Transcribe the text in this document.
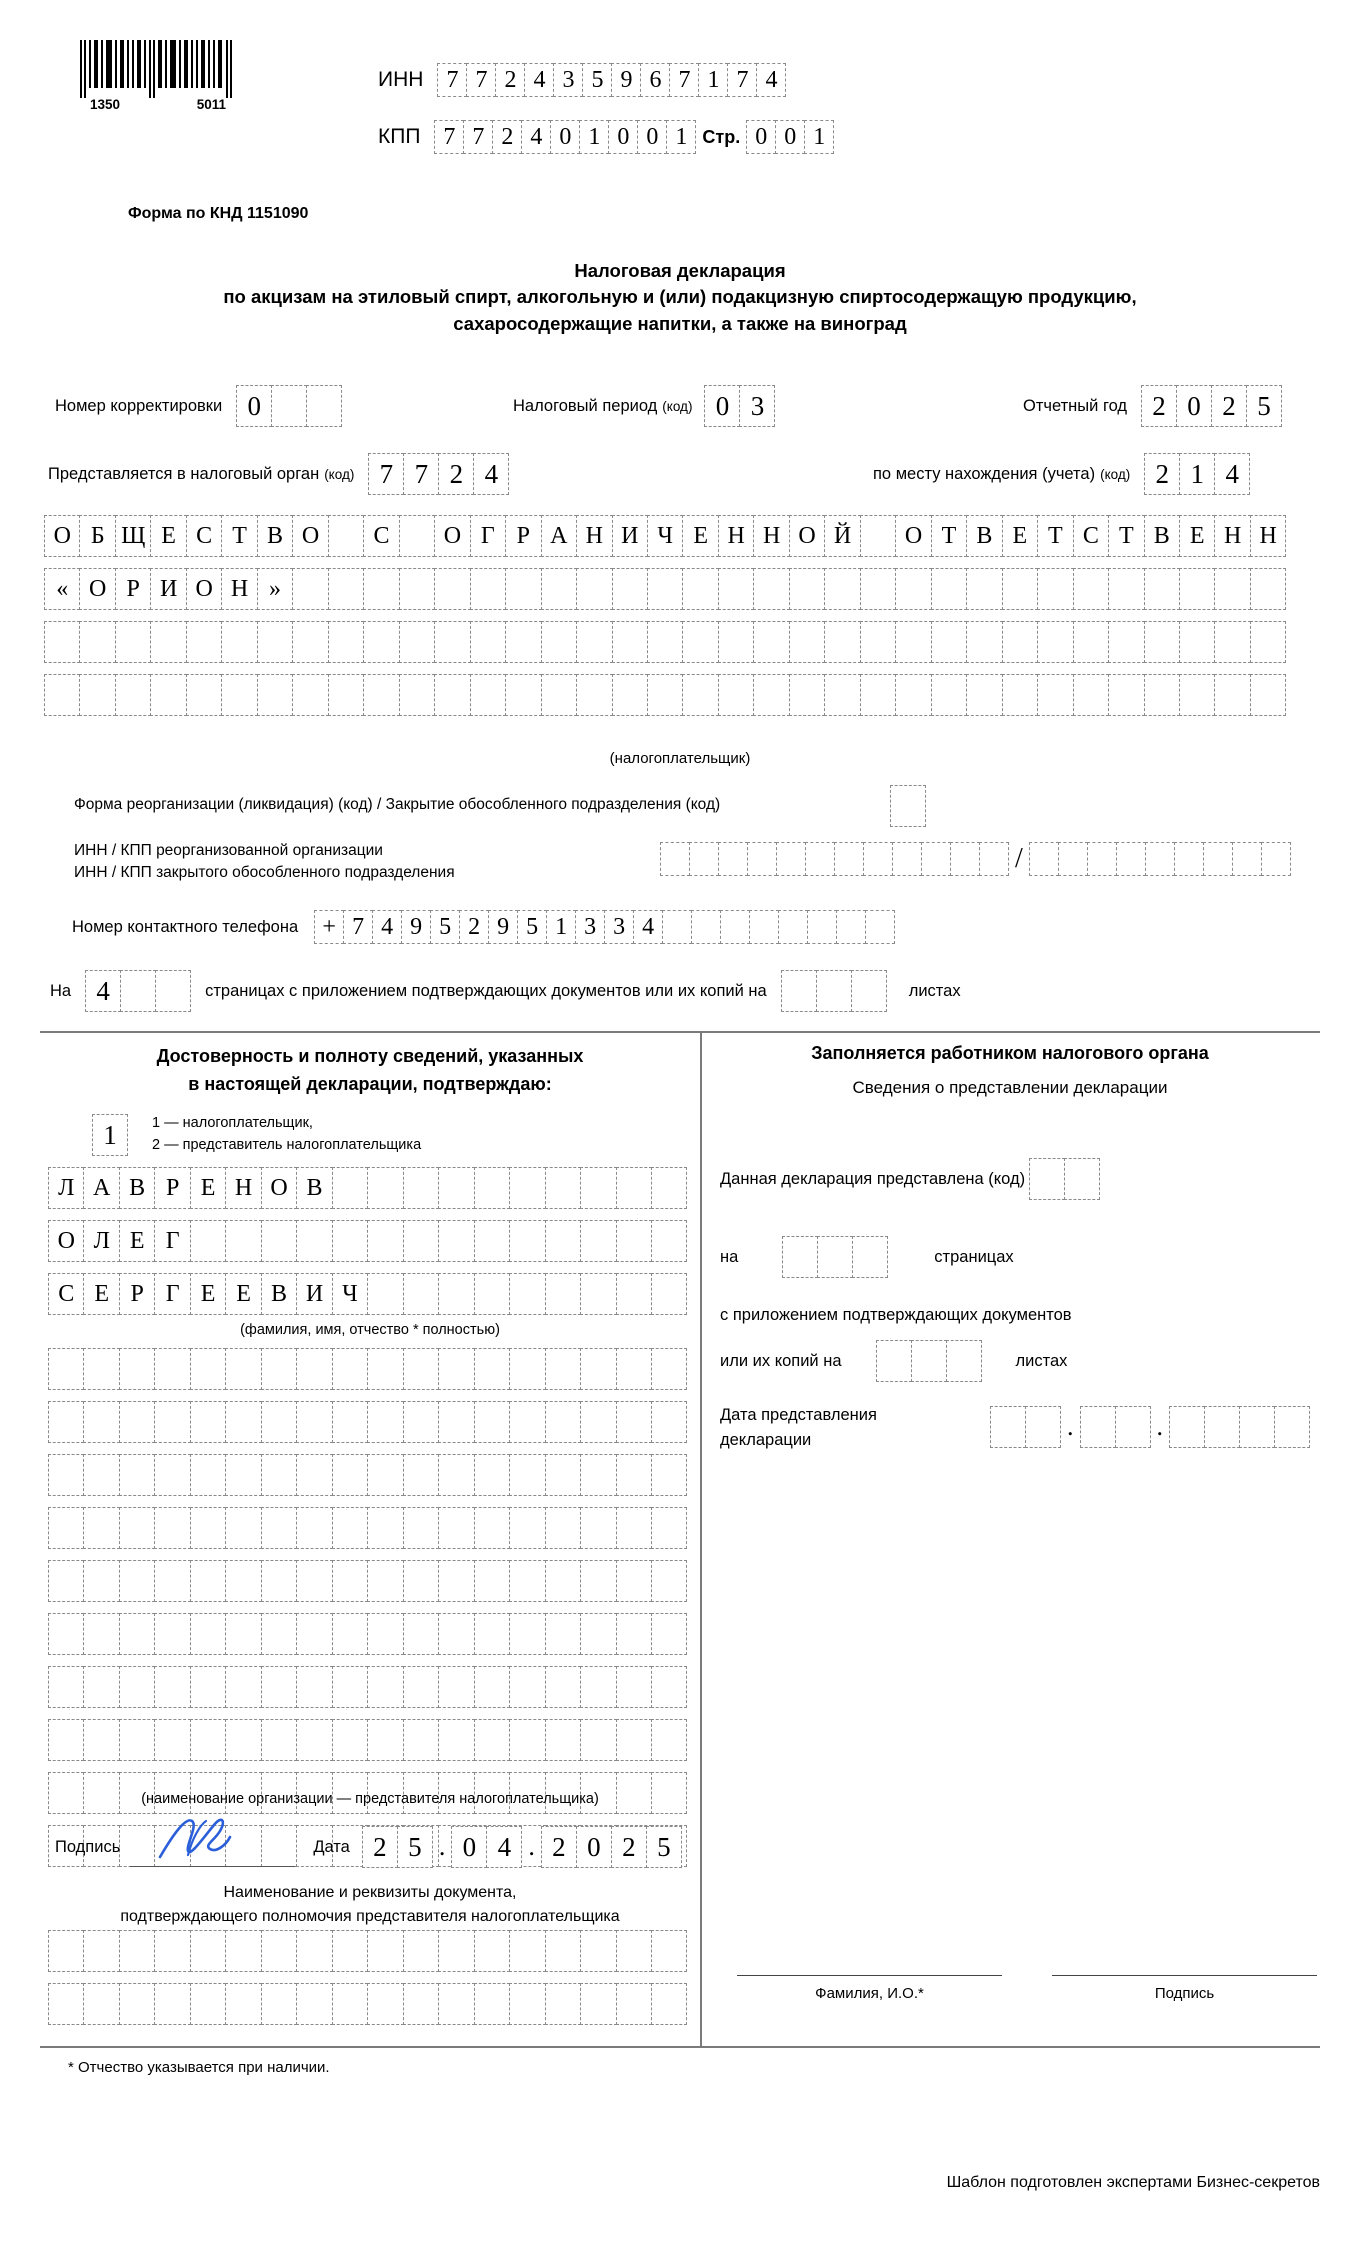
1350	5011
ИНН 7 7 2 4 3 5 9 6 7 1 7 4
КПП 7 7 2 4 0 1 0 0 1 Стр. 0 0 1
Форма по КНД 1151090
Налоговая декларация
по акцизам на этиловый спирт, алкогольную и (или) подакцизную спиртосодержащую продукцию,
сахаросодержащие напитки, а также на виноград
Номер корректировки 0	Налоговый период (код) 0 3	Отчетный год 2 0 2 5
Представляется в налоговый орган (код) 7 7 2 4	по месту нахождения (учета) (код) 2 1 4
О Б Щ Е С Т В О	С	О Г Р А Н И Ч Е Н Н О Й	О Т В Е Т С Т В Е Н Н
« О Р И О Н »
(налогоплательщик)
Форма реорганизации (ликвидация) (код) / Закрытие обособленного подразделения (код)
ИНН / КПП реорганизованной организации
ИНН / КПП закрытого обособленного подразделения	/
Номер контактного телефона	+ 7 4 9 5 2 9 5 1 3 3 4
На 4	страницах с приложением подтверждающих документов или их копий на	листах
Достоверность и полноту сведений, указанных
в настоящей декларации, подтверждаю:
1	1 — налогоплательщик,
2 — представитель налогоплательщика
Л А В Р Е Н О В
О Л Е Г
С Е Р Г Е Е В И Ч
(фамилия, имя, отчество * полностью)
(наименование организации — представителя налогоплательщика)
Подпись	Дата 2 5 . 0 4 . 2 0 2 5
Наименование и реквизиты документа,
подтверждающего полномочия представителя налогоплательщика
Заполняется работником налогового органа
Сведения о представлении декларации
Данная декларация представлена (код)
на	страницах
с приложением подтверждающих документов
или их копий на	листах
Дата представления
декларации	.	.
Фамилия, И.О.*	Подпись
* Отчество указывается при наличии.
Шаблон подготовлен экспертами Бизнес-секретов
